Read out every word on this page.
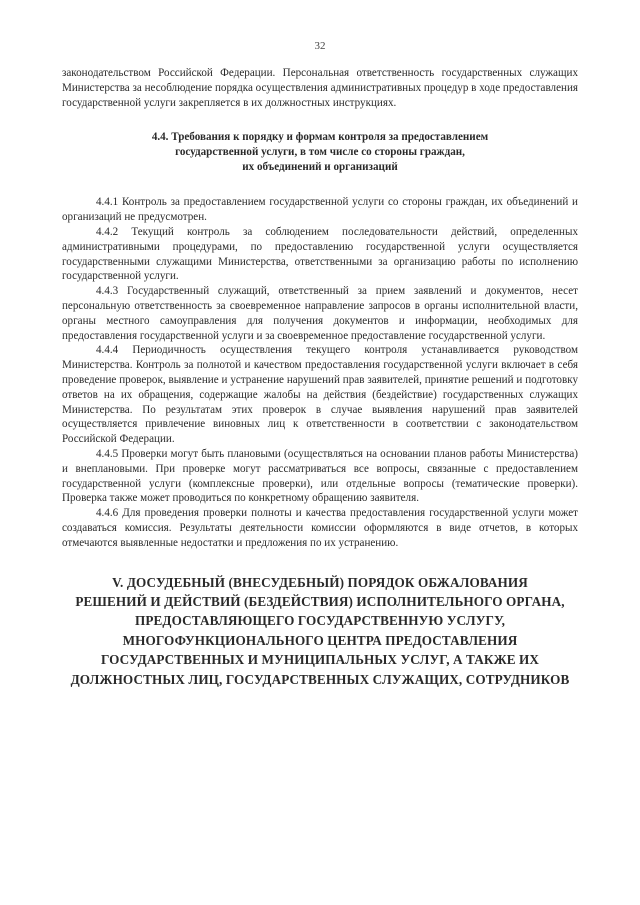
32

законодательством Российской Федерации. Персональная ответственность государственных служащих Министерства за несоблюдение порядка осуществления административных процедур в ходе предоставления государственной услуги закрепляется в их должностных инструкциях.

4.4. Требования к порядку и формам контроля за предоставлением
государственной услуги, в том числе со стороны граждан,
их объединений и организаций

4.4.1 Контроль за предоставлением государственной услуги со стороны граждан, их объединений и организаций не предусмотрен.

4.4.2 Текущий контроль за соблюдением последовательности действий, определенных административными процедурами, по предоставлению государственной услуги осуществляется государственными служащими Министерства, ответственными за организацию работы по исполнению государственной услуги.

4.4.3 Государственный служащий, ответственный за прием заявлений и документов, несет персональную ответственность за своевременное направление запросов в органы исполнительной власти, органы местного самоуправления для получения документов и информации, необходимых для предоставления государственной услуги и за своевременное предоставление государственной услуги.

4.4.4 Периодичность осуществления текущего контроля устанавливается руководством Министерства. Контроль за полнотой и качеством предоставления государственной услуги включает в себя проведение проверок, выявление и устранение нарушений прав заявителей, принятие решений и подготовку ответов на их обращения, содержащие жалобы на действия (бездействие) государственных служащих Министерства. По результатам этих проверок в случае выявления нарушений прав заявителей осуществляется привлечение виновных лиц к ответственности в соответствии с законодательством Российской Федерации.

4.4.5 Проверки могут быть плановыми (осуществляться на основании планов работы Министерства) и внеплановыми. При проверке могут рассматриваться все вопросы, связанные с предоставлением государственной услуги (комплексные проверки), или отдельные вопросы (тематические проверки). Проверка также может проводиться по конкретному обращению заявителя.

4.4.6 Для проведения проверки полноты и качества предоставления государственной услуги может создаваться комиссия. Результаты деятельности комиссии оформляются в виде отчетов, в которых отмечаются выявленные недостатки и предложения по их устранению.

V. ДОСУДЕБНЫЙ (ВНЕСУДЕБНЫЙ) ПОРЯДОК ОБЖАЛОВАНИЯ
РЕШЕНИЙ И ДЕЙСТВИЙ (БЕЗДЕЙСТВИЯ) ИСПОЛНИТЕЛЬНОГО ОРГАНА,
ПРЕДОСТАВЛЯЮЩЕГО ГОСУДАРСТВЕННУЮ УСЛУГУ,
МНОГОФУНКЦИОНАЛЬНОГО ЦЕНТРА ПРЕДОСТАВЛЕНИЯ
ГОСУДАРСТВЕННЫХ И МУНИЦИПАЛЬНЫХ УСЛУГ, А ТАКЖЕ ИХ
ДОЛЖНОСТНЫХ ЛИЦ, ГОСУДАРСТВЕННЫХ СЛУЖАЩИХ, СОТРУДНИКОВ
